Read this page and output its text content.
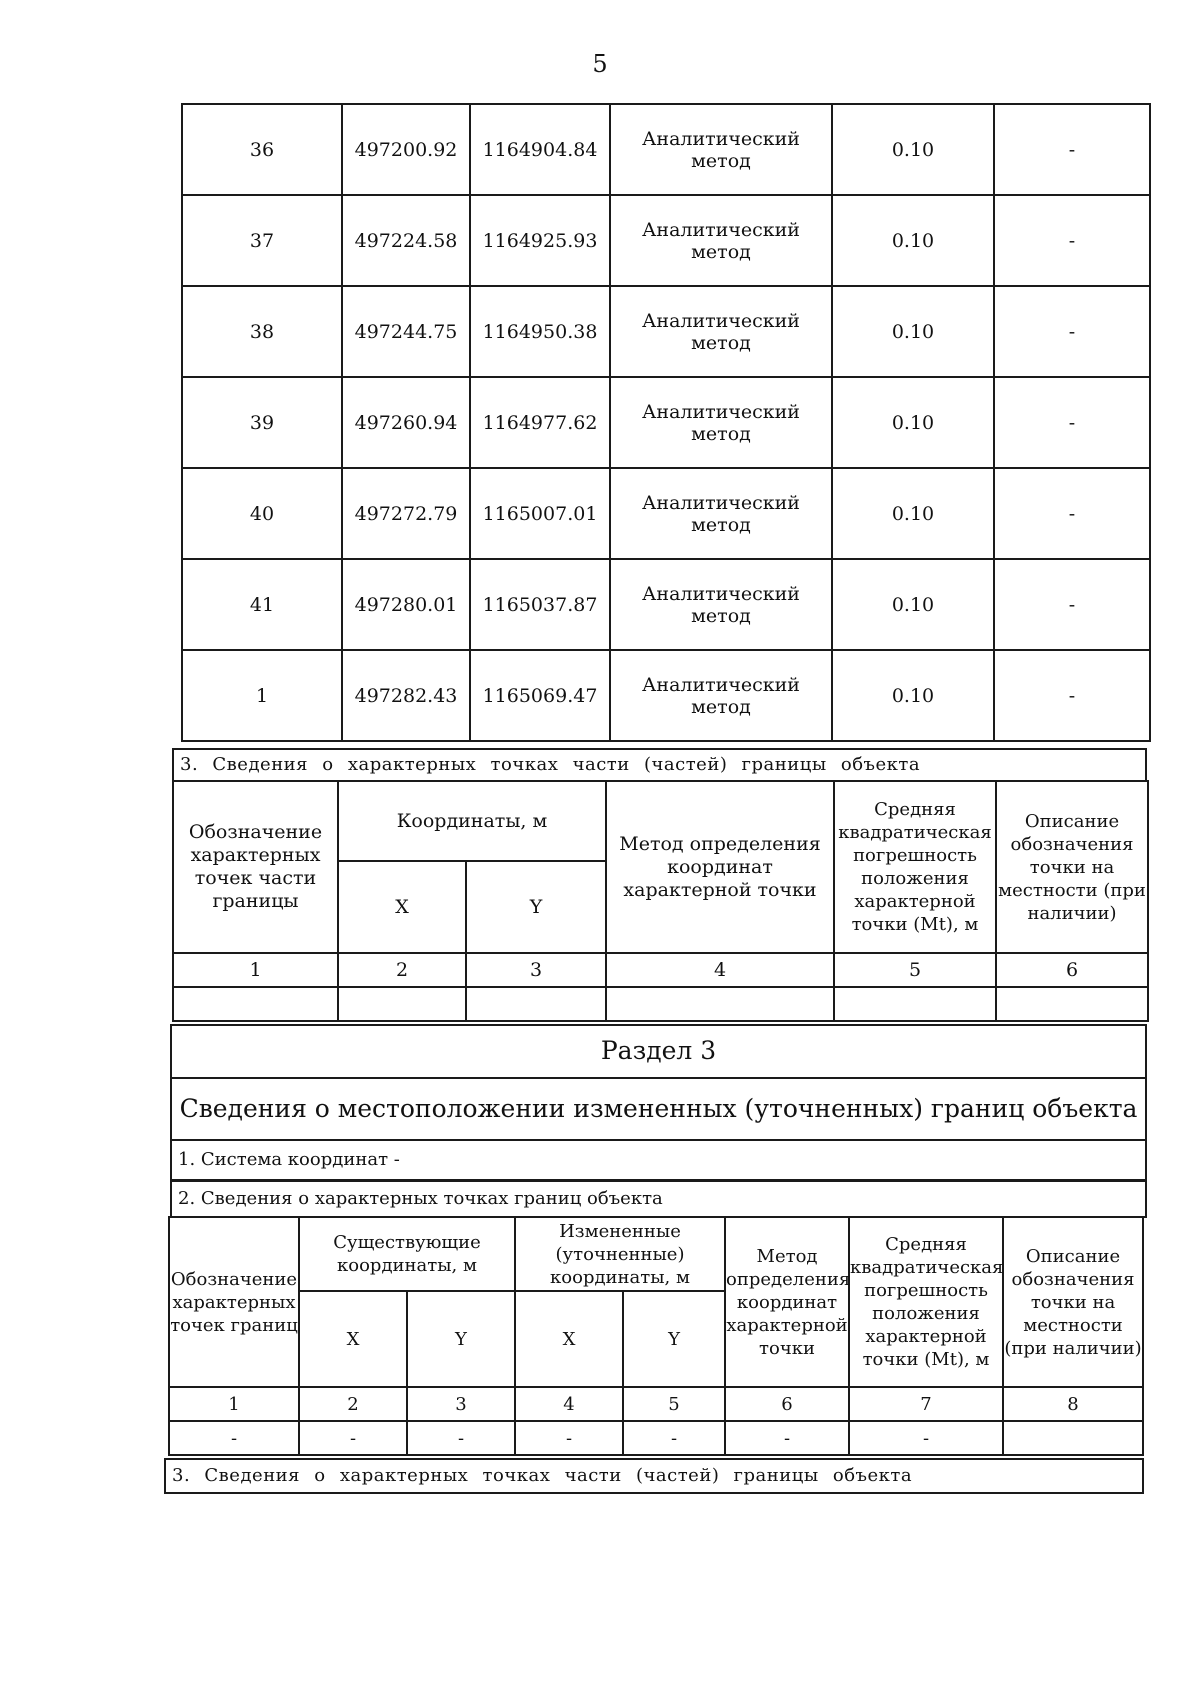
5
36	497200.92	1164904.84	Аналитический метод	0.10	-
37	497224.58	1164925.93	Аналитический метод	0.10	-
38	497244.75	1164950.38	Аналитический метод	0.10	-
39	497260.94	1164977.62	Аналитический метод	0.10	-
40	497272.79	1165007.01	Аналитический метод	0.10	-
41	497280.01	1165037.87	Аналитический метод	0.10	-
1	497282.43	1165069.47	Аналитический метод	0.10	-
3. Сведения о характерных точках части (частей) границы объекта
Обозначение характерных точек части границы	Координаты, м		Метод определения координат характерной точки	Средняя квадратическая погрешность положения характерной точки (Mt), м	Описание обозначения точки на местности (при наличии)
	X	Y			
1	2	3	4	5	6

Раздел 3
Сведения о местоположении измененных (уточненных) границ объекта
1. Система координат -
2. Сведения о характерных точках границ объекта
Обозначение характерных точек границ	Существующие координаты, м		Измененные (уточненные) координаты, м		Метод определения координат характерной точки	Средняя квадратическая погрешность положения характерной точки (Mt), м	Описание обозначения точки на местности (при наличии)
	X	Y	X	Y			
1	2	3	4	5	6	7	8
-	-	-	-	-	-	-	
3. Сведения о характерных точках части (частей) границы объекта
